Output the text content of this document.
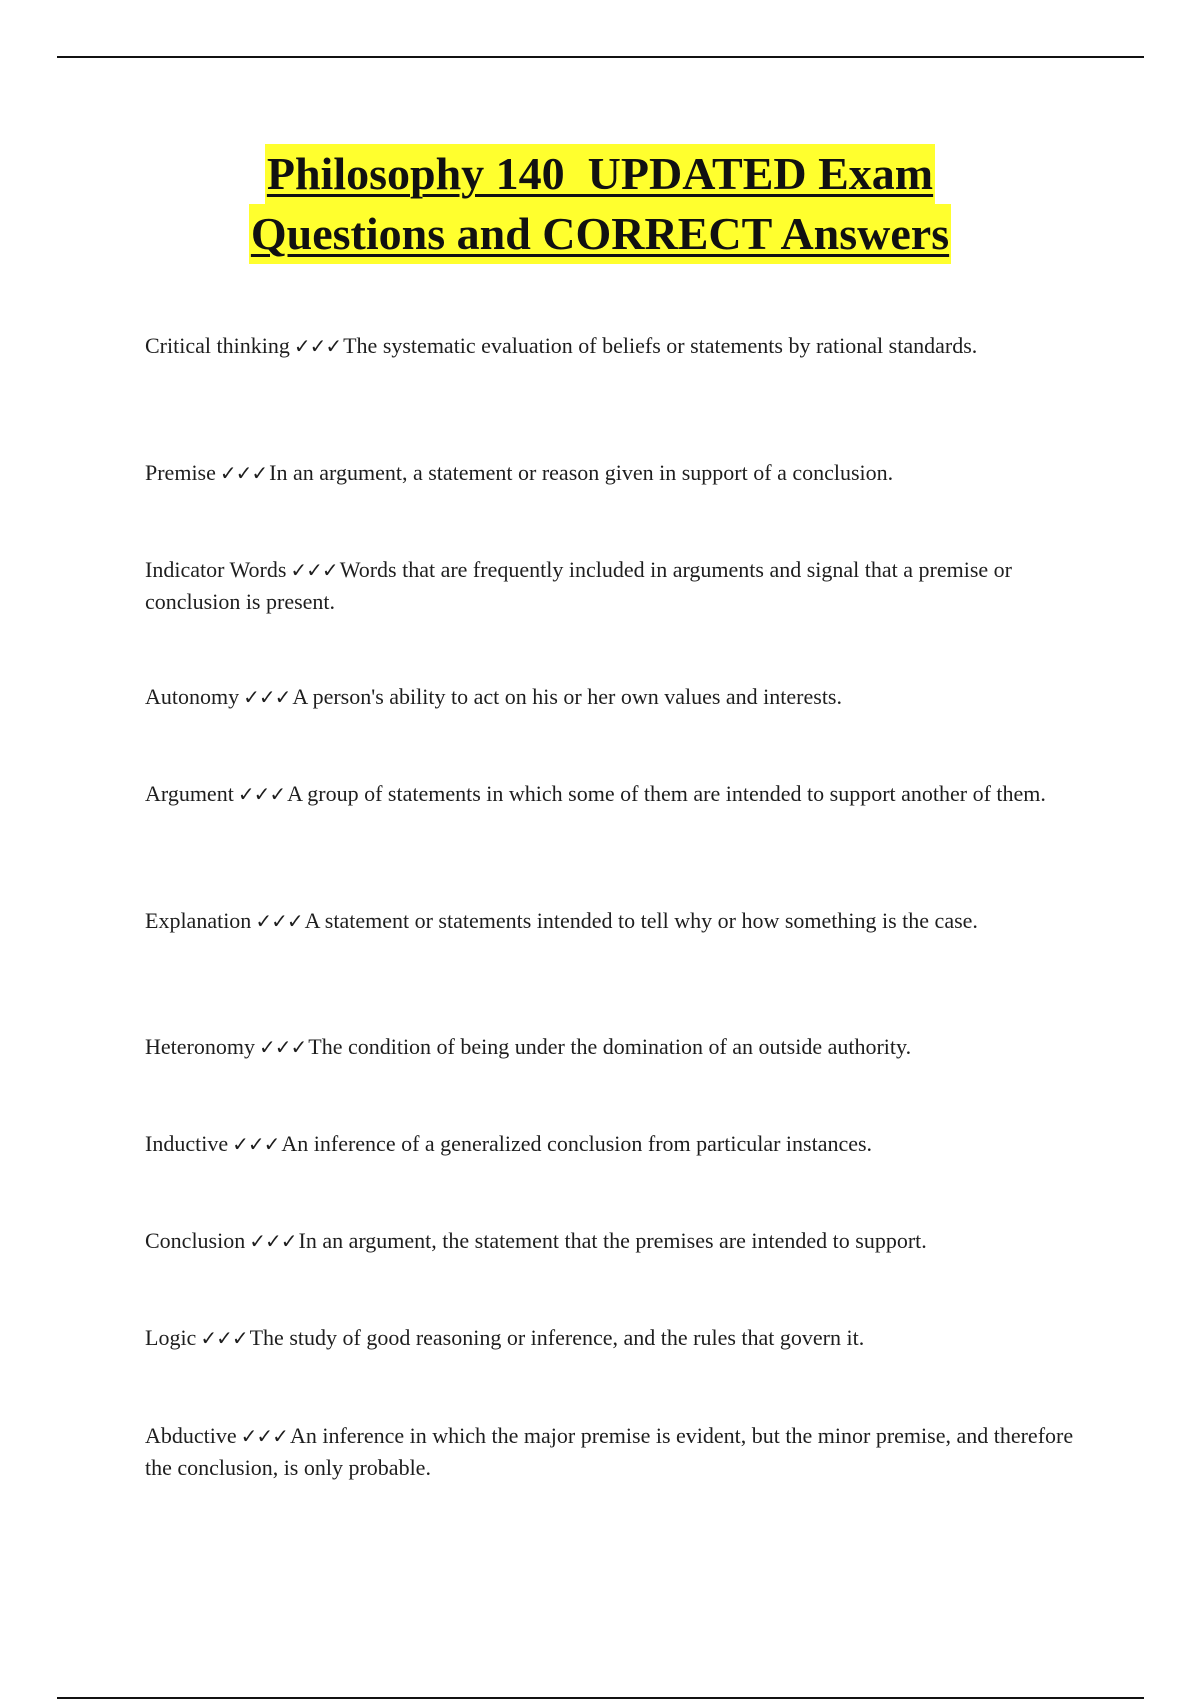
Philosophy 140  UPDATED Exam
Questions and CORRECT Answers
Critical thinking ✓✓✓The systematic evaluation of beliefs or statements by rational standards.
Premise ✓✓✓In an argument, a statement or reason given in support of a conclusion.
Indicator Words ✓✓✓Words that are frequently included in arguments and signal that a premise or conclusion is present.
Autonomy ✓✓✓A person's ability to act on his or her own values and interests.
Argument ✓✓✓A group of statements in which some of them are intended to support another of them.
Explanation ✓✓✓A statement or statements intended to tell why or how something is the case.
Heteronomy ✓✓✓The condition of being under the domination of an outside authority.
Inductive ✓✓✓An inference of a generalized conclusion from particular instances.
Conclusion ✓✓✓In an argument, the statement that the premises are intended to support.
Logic ✓✓✓The study of good reasoning or inference, and the rules that govern it.
Abductive ✓✓✓An inference in which the major premise is evident, but the minor premise, and therefore the conclusion, is only probable.
